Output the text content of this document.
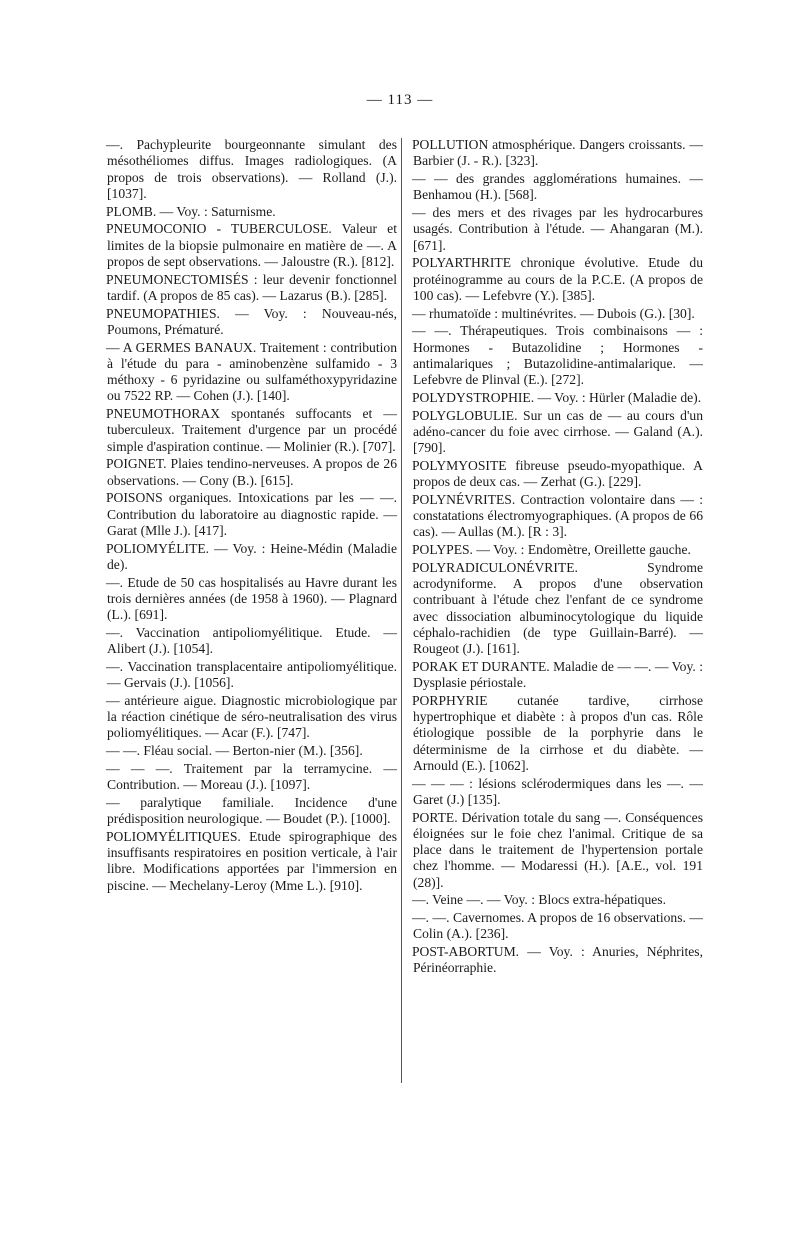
— 113 —

—. Pachypleurite bourgeonnante simulant des mésothéliomes diffus. Images radiologiques. (A propos de trois observations). — Rolland (J.). [1037].

PLOMB. — Voy. : Saturnisme.

PNEUMOCONIO - TUBERCULOSE. Valeur et limites de la biopsie pulmonaire en matière de —. A propos de sept observations. — Jaloustre (R.). [812].

PNEUMONECTOMISÉS : leur devenir fonctionnel tardif. (A propos de 85 cas). — Lazarus (B.). [285].

PNEUMOPATHIES. — Voy. : Nouveau-nés, Poumons, Prématuré.

— A GERMES BANAUX. Traitement : contribution à l'étude du para - aminobenzène sulfamido - 3 méthoxy - 6 pyridazine ou sulfaméthoxypyridazine ou 7522 RP. — Cohen (J.). [140].

PNEUMOTHORAX spontanés suffocants et — tuberculeux. Traitement d'urgence par un procédé simple d'aspiration continue. — Molinier (R.). [707].

POIGNET. Plaies tendino-nerveuses. A propos de 26 observations. — Cony (B.). [615].

POISONS organiques. Intoxications par les — —. Contribution du laboratoire au diagnostic rapide. — Garat (Mlle J.). [417].

POLIOMYÉLITE. — Voy. : Heine-Médin (Maladie de).

—. Etude de 50 cas hospitalisés au Havre durant les trois dernières années (de 1958 à 1960). — Plagnard (L.). [691].

—. Vaccination antipoliomyélitique. Etude. — Alibert (J.). [1054].

—. Vaccination transplacentaire antipoliomyélitique. — Gervais (J.). [1056].

— antérieure aigue. Diagnostic microbiologique par la réaction cinétique de séro-neutralisation des virus poliomyélitiques. — Acar (F.). [747].

— —. Fléau social. — Berton-nier (M.). [356].

— — —. Traitement par la terramycine. — Contribution. — Moreau (J.). [1097].

— paralytique familiale. Incidence d'une prédisposition neurologique. — Boudet (P.). [1000].

POLIOMYÉLITIQUES. Etude spirographique des insuffisants respiratoires en position verticale, à l'air libre. Modifications apportées par l'immersion en piscine. — Mechelany-Leroy (Mme L.). [910].

POLLUTION atmosphérique. Dangers croissants. — Barbier (J. - R.). [323].

— — des grandes agglomérations humaines. — Benhamou (H.). [568].

— des mers et des rivages par les hydrocarbures usagés. Contribution à l'étude. — Ahangaran (M.). [671].

POLYARTHRITE chronique évolutive. Etude du protéinogramme au cours de la P.C.E. (A propos de 100 cas). — Lefebvre (Y.). [385].

— rhumatoïde : multinévrites. — Dubois (G.). [30].

— —. Thérapeutiques. Trois combinaisons — : Hormones - Butazolidine ; Hormones - antimalariques ; Butazolidine-antimalarique. — Lefebvre de Plinval (E.). [272].

POLYDYSTROPHIE. — Voy. : Hürler (Maladie de).

POLYGLOBULIE. Sur un cas de — au cours d'un adéno-cancer du foie avec cirrhose. — Galand (A.). [790].

POLYMYOSITE fibreuse pseudo-myopathique. A propos de deux cas. — Zerhat (G.). [229].

POLYNÉVRITES. Contraction volontaire dans — : constatations électromyographiques. (A propos de 66 cas). — Aullas (M.). [R : 3].

POLYPES. — Voy. : Endomètre, Oreillette gauche.

POLYRADICULONÉVRITE. Syndrome acrodyniforme. A propos d'une observation contribuant à l'étude chez l'enfant de ce syndrome avec dissociation albuminocytologique du liquide céphalo-rachidien (de type Guillain-Barré). — Rougeot (J.). [161].

PORAK ET DURANTE. Maladie de — —. — Voy. : Dysplasie périostale.

PORPHYRIE cutanée tardive, cirrhose hypertrophique et diabète : à propos d'un cas. Rôle étiologique possible de la porphyrie dans le déterminisme de la cirrhose et du diabète. — Arnould (E.). [1062].

— — — : lésions sclérodermiques dans les —. — Garet (J.) [135].

PORTE. Dérivation totale du sang —. Conséquences éloignées sur le foie chez l'animal. Critique de sa place dans le traitement de l'hypertension portale chez l'homme. — Modaressi (H.). [A.E., vol. 191 (28)].

—. Veine —. — Voy. : Blocs extra-hépatiques.

—. —. Cavernomes. A propos de 16 observations. — Colin (A.). [236].

POST-ABORTUM. — Voy. : Anuries, Néphrites, Périnéorraphie.
